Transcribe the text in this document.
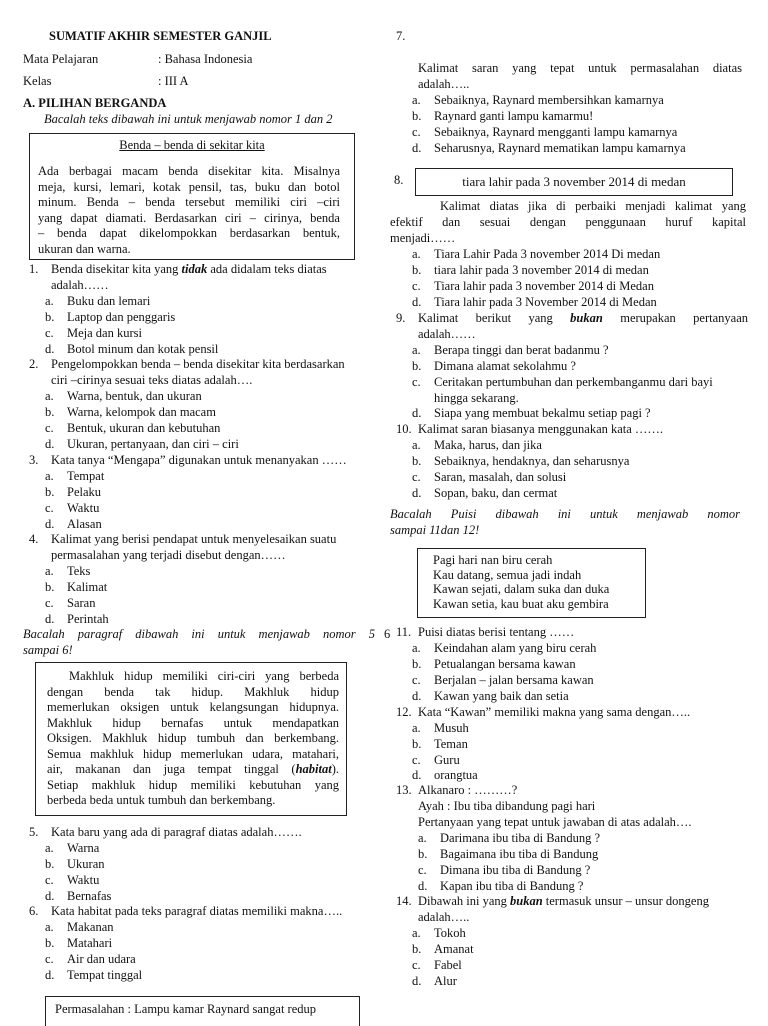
SUMATIF AKHIR SEMESTER GANJIL
Mata Pelajaran	: Bahasa Indonesia
Kelas	: III A
A. PILIHAN BERGANDA
Bacalah teks dibawah ini untuk menjawab nomor 1 dan 2
Benda – benda di sekitar kita
Ada berbagai macam benda disekitar kita. Misalnya
meja, kursi, lemari, kotak pensil, tas, buku dan botol
minum. Benda – benda tersebut memiliki ciri –ciri
yang dapat diamati. Berdasarkan ciri – cirinya, benda
– benda dapat dikelompokkan berdasarkan bentuk,
ukuran dan warna.
1. Benda disekitar kita yang tidak ada didalam teks diatas
adalah……
a. Buku dan lemari
b. Laptop dan penggaris
c. Meja dan kursi
d. Botol minum dan kotak pensil
2. Pengelompokkan benda – benda disekitar kita berdasarkan
ciri –cirinya sesuai teks diatas adalah….
a. Warna, bentuk, dan ukuran
b. Warna, kelompok dan macam
c. Bentuk, ukuran dan kebutuhan
d. Ukuran, pertanyaan, dan ciri – ciri
3. Kata tanya “Mengapa” digunakan untuk menanyakan ……
a. Tempat
b. Pelaku
c. Waktu
d. Alasan
4. Kalimat yang berisi pendapat untuk menyelesaikan suatu
permasalahan yang terjadi disebut dengan……
a. Teks
b. Kalimat
c. Saran
d. Perintah
Bacalah paragraf dibawah ini untuk menjawab nomor 5 6
sampai 6!
Makhluk hidup memiliki ciri-ciri yang berbeda
dengan benda tak hidup. Makhluk hidup
memerlukan oksigen untuk kelangsungan hidupnya.
Makhluk hidup bernafas untuk mendapatkan
Oksigen. Makhluk hidup tumbuh dan berkembang.
Semua makhluk hidup memerlukan udara, matahari,
air, makanan dan juga tempat tinggal (habitat).
Setiap makhluk hidup memiliki kebutuhan yang
berbeda beda untuk tumbuh dan berkembang.
5. Kata baru yang ada di paragraf diatas adalah…….
a. Warna
b. Ukuran
c. Waktu
d. Bernafas
6. Kata habitat pada teks paragraf diatas memiliki makna…..
a. Makanan
b. Matahari
c. Air dan udara
d. Tempat tinggal
Permasalahan : Lampu kamar Raynard sangat redup
7.
Kalimat saran yang tepat untuk permasalahan diatas
adalah…..
a. Sebaiknya, Raynard membersihkan kamarnya
b. Raynard ganti lampu kamarmu!
c. Sebaiknya, Raynard mengganti lampu kamarnya
d. Seharusnya, Raynard mematikan lampu kamarnya
8.	tiara lahir pada 3 november 2014 di medan
Kalimat diatas jika di perbaiki menjadi kalimat yang
efektif dan sesuai dengan penggunaan huruf kapital
menjadi……
a. Tiara Lahir Pada 3 november 2014 Di medan
b. tiara lahir pada 3 november 2014 di medan
c. Tiara lahir pada 3 november 2014 di Medan
d. Tiara lahir pada 3 November 2014 di Medan
9. Kalimat berikut yang bukan merupakan pertanyaan
adalah……
a. Berapa tinggi dan berat badanmu ?
b. Dimana alamat sekolahmu ?
c. Ceritakan pertumbuhan dan perkembanganmu dari bayi
hingga sekarang.
d. Siapa yang membuat bekalmu setiap pagi ?
10. Kalimat saran biasanya menggunakan kata …….
a. Maka, harus, dan jika
b. Sebaiknya, hendaknya, dan seharusnya
c. Saran, masalah, dan solusi
d. Sopan, baku, dan cermat
Bacalah Puisi dibawah ini untuk menjawab nomor
sampai 11dan 12!
Pagi hari nan biru cerah
Kau datang, semua jadi indah
Kawan sejati, dalam suka dan duka
Kawan setia, kau buat aku gembira
11. Puisi diatas berisi tentang ……
a. Keindahan alam yang biru cerah
b. Petualangan bersama kawan
c. Berjalan – jalan bersama kawan
d. Kawan yang baik dan setia
12. Kata “Kawan” memiliki makna yang sama dengan…..
a. Musuh
b. Teman
c. Guru
d. orangtua
13. Alkanaro : ………?
Ayah : Ibu tiba dibandung pagi hari
Pertanyaan yang tepat untuk jawaban di atas adalah….
a. Darimana ibu tiba di Bandung ?
b. Bagaimana ibu tiba di Bandung
c. Dimana ibu tiba di Bandung ?
d. Kapan ibu tiba di Bandung ?
14. Dibawah ini yang bukan termasuk unsur – unsur dongeng
adalah…..
a. Tokoh
b. Amanat
c. Fabel
d. Alur
